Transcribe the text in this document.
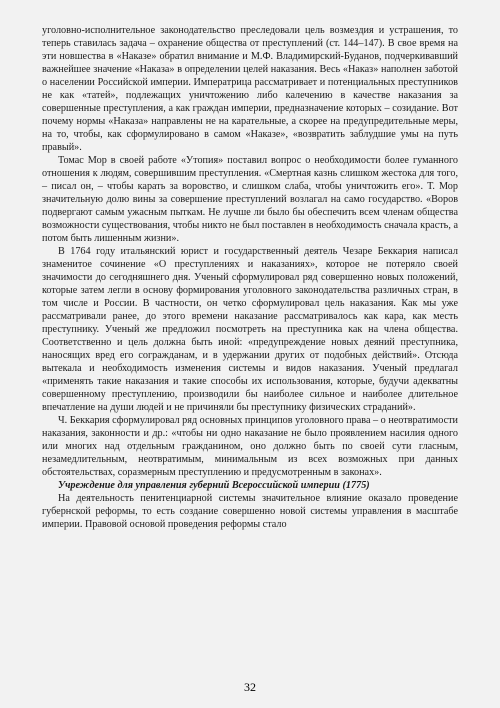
уголовно-исполнительное законодательство преследовали цель возмездия и устрашения, то теперь ставилась задача – охранение общества от преступлений (ст. 144–147). В свое время на эти новшества в «Наказе» обратил внимание и М.Ф. Владимирский-Буданов, подчеркивавший важнейшее значение «Наказа» в определении целей наказания. Весь «Наказ» наполнен заботой о населении Российской империи. Императрица рассматривает и потенциальных преступников не как «татей», подлежащих уничтожению либо калечению в качестве наказания за совершенные преступления, а как граждан империи, предназначение которых – созидание. Вот почему нормы «Наказа» направлены не на карательные, а скорее на предупредительные меры, на то, чтобы, как сформулировано в самом «Наказе», «возвратить заблудшие умы на путь правый».

Томас Мор в своей работе «Утопия» поставил вопрос о необходимости более гуманного отношения к людям, совершившим преступления. «Смертная казнь слишком жестока для того, – писал он, – чтобы карать за воровство, и слишком слаба, чтобы уничтожить его». Т. Мор значительную долю вины за совершение преступлений возлагал на само государство. «Воров подвергают самым ужасным пыткам. Не лучше ли было бы обеспечить всем членам общества возможности существования, чтобы никто не был поставлен в необходимость сначала красть, а потом быть лишенным жизни».

В 1764 году итальянский юрист и государственный деятель Чезаре Беккария написал знаменитое сочинение «О преступлениях и наказаниях», которое не потеряло своей значимости до сегодняшнего дня. Ученый сформулировал ряд совершенно новых положений, которые затем легли в основу формирования уголовного законодательства различных стран, в том числе и России. В частности, он четко сформулировал цель наказания. Как мы уже рассматривали ранее, до этого времени наказание рассматривалось как кара, как месть преступнику. Ученый же предложил посмотреть на преступника как на члена общества. Соответственно и цель должна быть иной: «предупреждение новых деяний преступника, наносящих вред его согражданам, и в удержании других от подобных действий». Отсюда вытекала и необходимость изменения системы и видов наказания. Ученый предлагал «применять такие наказания и такие способы их использования, которые, будучи адекватны совершенному преступлению, производили бы наиболее сильное и наиболее длительное впечатление на души людей и не причиняли бы преступнику физических страданий».

Ч. Беккария сформулировал ряд основных принципов уголовного права – о неотвратимости наказания, законности и др.: «чтобы ни одно наказание не было проявлением насилия одного или многих над отдельным гражданином, оно должно быть по своей сути гласным, незамедлительным, неотвратимым, минимальным из всех возможных при данных обстоятельствах, соразмерным преступлению и предусмотренным в законах».

Учреждение для управления губерний Всероссийской империи (1775)

На деятельность пенитенциарной системы значительное влияние оказало проведение губернской реформы, то есть создание совершенно новой системы управления в масштабе империи. Правовой основой проведения реформы стало

32
